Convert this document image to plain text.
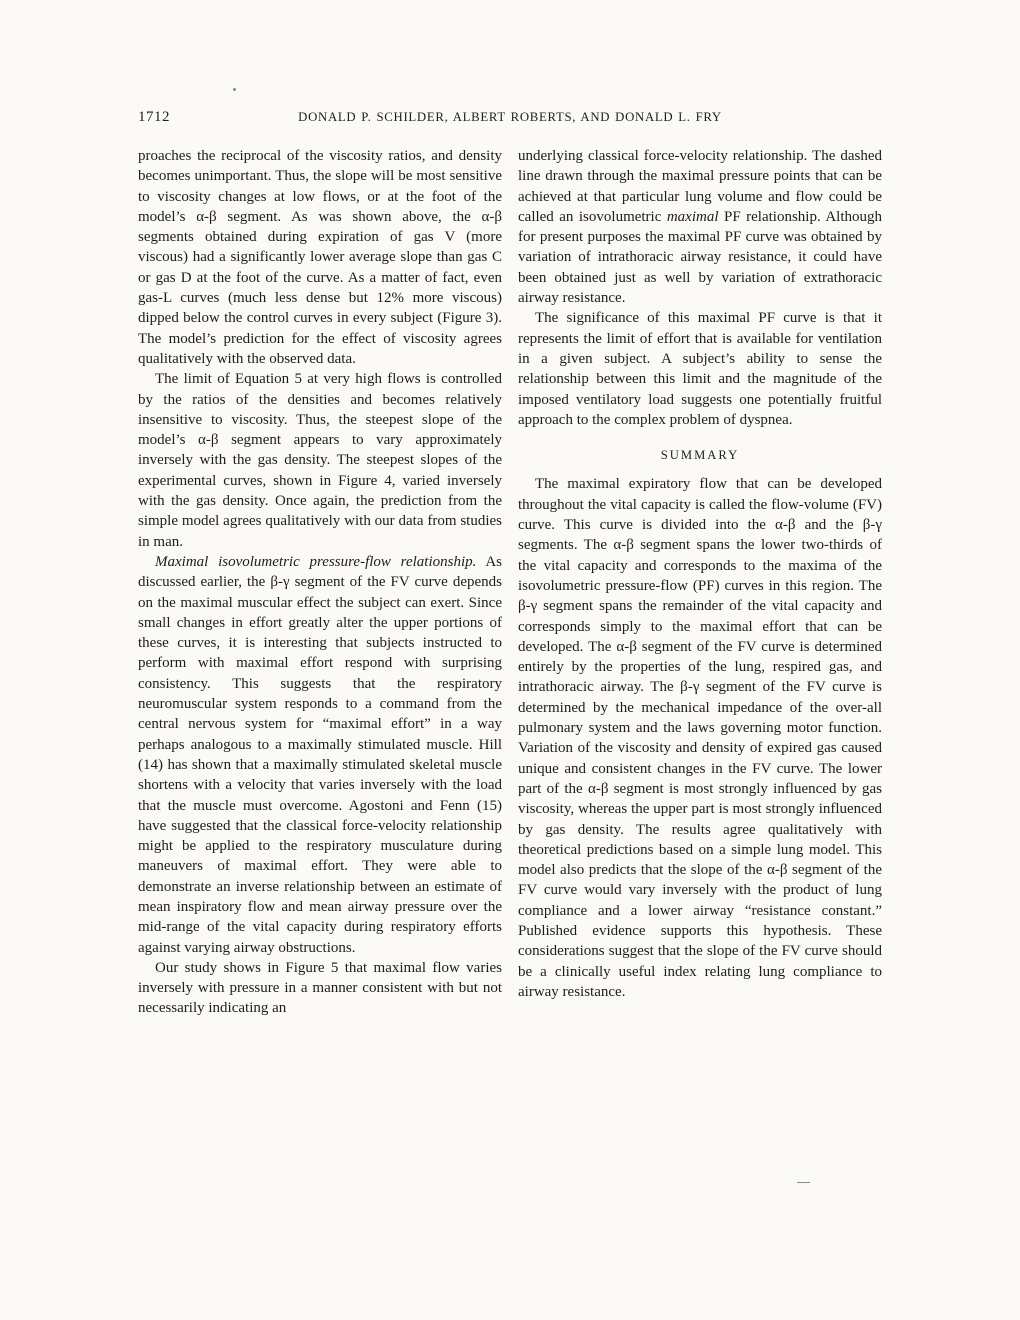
1712	DONALD P. SCHILDER, ALBERT ROBERTS, AND DONALD L. FRY

proaches the reciprocal of the viscosity ratios, and density becomes unimportant. Thus, the slope will be most sensitive to viscosity changes at low flows, or at the foot of the model’s α-β segment. As was shown above, the α-β segments obtained during expiration of gas V (more viscous) had a significantly lower average slope than gas C or gas D at the foot of the curve. As a matter of fact, even gas-L curves (much less dense but 12% more viscous) dipped below the control curves in every subject (Figure 3). The model’s prediction for the effect of viscosity agrees qualitatively with the observed data.

The limit of Equation 5 at very high flows is controlled by the ratios of the densities and becomes relatively insensitive to viscosity. Thus, the steepest slope of the model’s α-β segment appears to vary approximately inversely with the gas density. The steepest slopes of the experimental curves, shown in Figure 4, varied inversely with the gas density. Once again, the prediction from the simple model agrees qualitatively with our data from studies in man.

Maximal isovolumetric pressure-flow relationship. As discussed earlier, the β-γ segment of the FV curve depends on the maximal muscular effect the subject can exert. Since small changes in effort greatly alter the upper portions of these curves, it is interesting that subjects instructed to perform with maximal effort respond with surprising consistency. This suggests that the respiratory neuromuscular system responds to a command from the central nervous system for “maximal effort” in a way perhaps analogous to a maximally stimulated muscle. Hill (14) has shown that a maximally stimulated skeletal muscle shortens with a velocity that varies inversely with the load that the muscle must overcome. Agostoni and Fenn (15) have suggested that the classical force-velocity relationship might be applied to the respiratory musculature during maneuvers of maximal effort. They were able to demonstrate an inverse relationship between an estimate of mean inspiratory flow and mean airway pressure over the mid-range of the vital capacity during respiratory efforts against varying airway obstructions.

Our study shows in Figure 5 that maximal flow varies inversely with pressure in a manner consistent with but not necessarily indicating an

underlying classical force-velocity relationship. The dashed line drawn through the maximal pressure points that can be achieved at that particular lung volume and flow could be called an isovolumetric maximal PF relationship. Although for present purposes the maximal PF curve was obtained by variation of intrathoracic airway resistance, it could have been obtained just as well by variation of extrathoracic airway resistance.

The significance of this maximal PF curve is that it represents the limit of effort that is available for ventilation in a given subject. A subject’s ability to sense the relationship between this limit and the magnitude of the imposed ventilatory load suggests one potentially fruitful approach to the complex problem of dyspnea.

SUMMARY

The maximal expiratory flow that can be developed throughout the vital capacity is called the flow-volume (FV) curve. This curve is divided into the α-β and the β-γ segments. The α-β segment spans the lower two-thirds of the vital capacity and corresponds to the maxima of the isovolumetric pressure-flow (PF) curves in this region. The β-γ segment spans the remainder of the vital capacity and corresponds simply to the maximal effort that can be developed. The α-β segment of the FV curve is determined entirely by the properties of the lung, respired gas, and intrathoracic airway. The β-γ segment of the FV curve is determined by the mechanical impedance of the over-all pulmonary system and the laws governing motor function. Variation of the viscosity and density of expired gas caused unique and consistent changes in the FV curve. The lower part of the α-β segment is most strongly influenced by gas viscosity, whereas the upper part is most strongly influenced by gas density. The results agree qualitatively with theoretical predictions based on a simple lung model. This model also predicts that the slope of the α-β segment of the FV curve would vary inversely with the product of lung compliance and a lower airway “resistance constant.” Published evidence supports this hypothesis. These considerations suggest that the slope of the FV curve should be a clinically useful index relating lung compliance to airway resistance.
